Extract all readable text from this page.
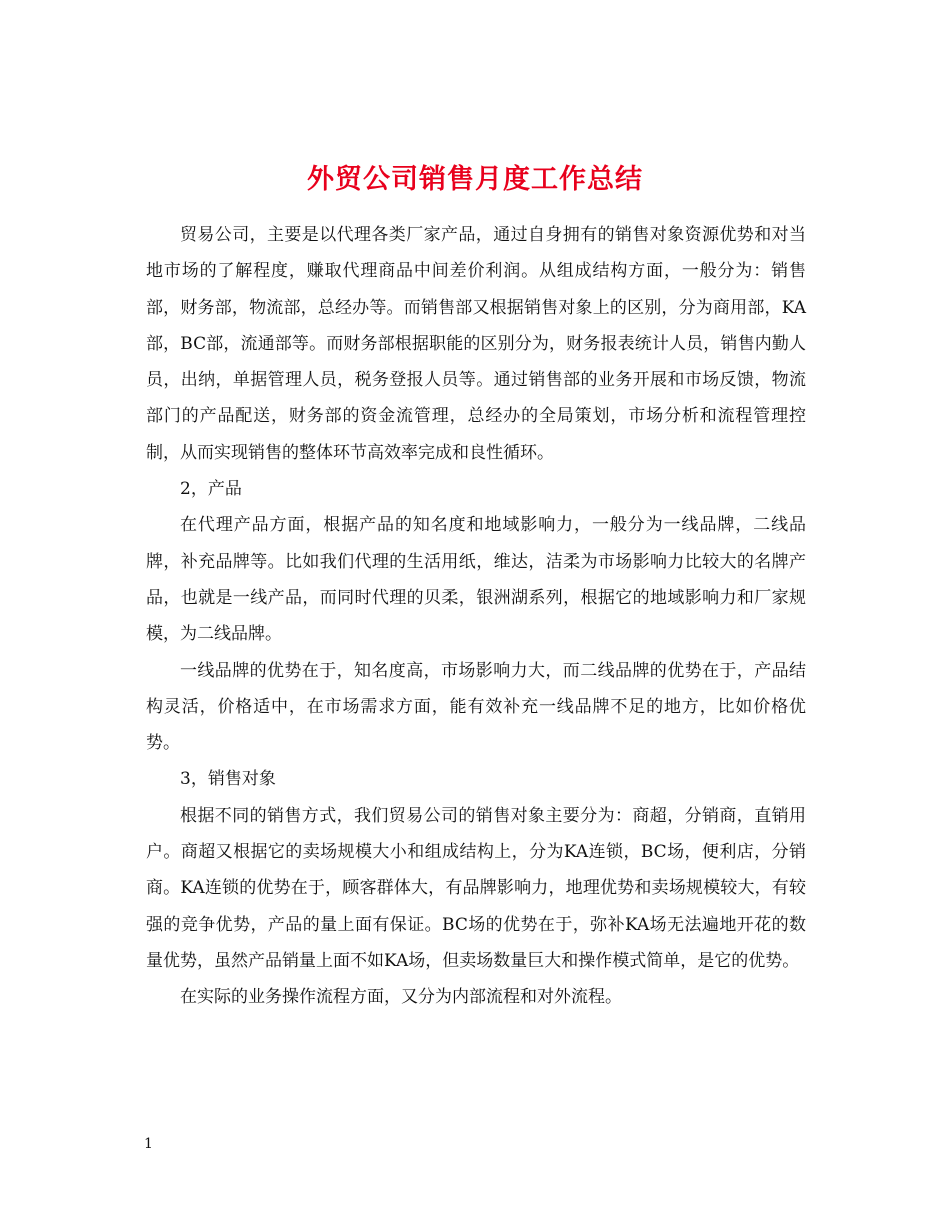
外贸公司销售月度工作总结

贸易公司，主要是以代理各类厂家产品，通过自身拥有的销售对象资源优势和对当地市场的了解程度，赚取代理商品中间差价利润。从组成结构方面，一般分为：销售部，财务部，物流部，总经办等。而销售部又根据销售对象上的区别，分为商用部，KA部，BC部，流通部等。而财务部根据职能的区别分为，财务报表统计人员，销售内勤人员，出纳，单据管理人员，税务登报人员等。通过销售部的业务开展和市场反馈，物流部门的产品配送，财务部的资金流管理，总经办的全局策划，市场分析和流程管理控制，从而实现销售的整体环节高效率完成和良性循环。

2，产品

在代理产品方面，根据产品的知名度和地域影响力，一般分为一线品牌，二线品牌，补充品牌等。比如我们代理的生活用纸，维达，洁柔为市场影响力比较大的名牌产品，也就是一线产品，而同时代理的贝柔，银洲湖系列，根据它的地域影响力和厂家规模，为二线品牌。

一线品牌的优势在于，知名度高，市场影响力大，而二线品牌的优势在于，产品结构灵活，价格适中，在市场需求方面，能有效补充一线品牌不足的地方，比如价格优势。

3，销售对象

根据不同的销售方式，我们贸易公司的销售对象主要分为：商超，分销商，直销用户。商超又根据它的卖场规模大小和组成结构上，分为KA连锁，BC场，便利店，分销商。KA连锁的优势在于，顾客群体大，有品牌影响力，地理优势和卖场规模较大，有较强的竞争优势，产品的量上面有保证。BC场的优势在于，弥补KA场无法遍地开花的数量优势，虽然产品销量上面不如KA场，但卖场数量巨大和操作模式简单，是它的优势。

在实际的业务操作流程方面，又分为内部流程和对外流程。

1
